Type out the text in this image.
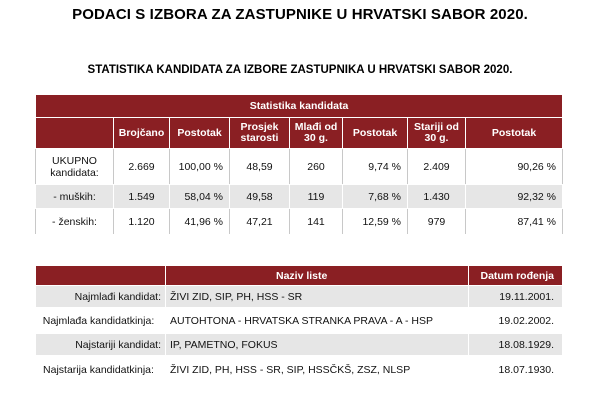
PODACI S IZBORA ZA ZASTUPNIKE U HRVATSKI SABOR 2020.
STATISTIKA KANDIDATA ZA IZBORE ZASTUPNIKA U HRVATSKI SABOR 2020.
Statistika kandidata							
	Brojčano	Postotak	Prosjek starosti	Mlađi od 30 g.	Postotak	Stariji od 30 g.	Postotak
UKUPNO kandidata:	2.669	100,00 %	48,59	260	9,74 %	2.409	90,26 %
- muških:	1.549	58,04 %	49,58	119	7,68 %	1.430	92,32 %
- ženskih:	1.120	41,96 %	47,21	141	12,59 %	979	87,41 %
	Naziv liste	Datum rođenja
Najmlađi kandidat:	ŽIVI ZID, SIP, PH, HSS - SR	19.11.2001.
Najmlađa kandidatkinja:	AUTOHTONA - HRVATSKA STRANKA PRAVA - A - HSP	19.02.2002.
Najstariji kandidat:	IP, PAMETNO, FOKUS	18.08.1929.
Najstarija kandidatkinja:	ŽIVI ZID, PH, HSS - SR, SIP, HSSČKŠ, ZSZ, NLSP	18.07.1930.
